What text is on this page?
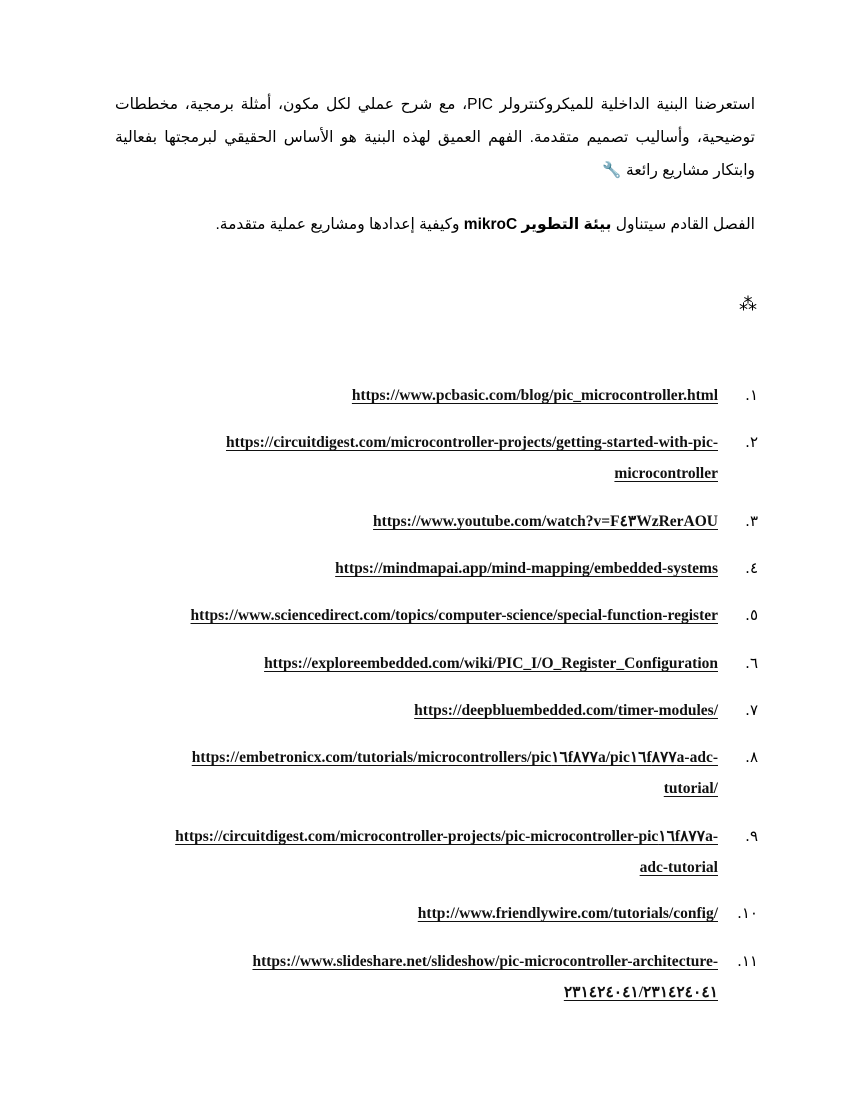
استعرضنا البنية الداخلية للميكروكنترولر PIC، مع شرح عملي لكل مكون، أمثلة برمجية، مخططات توضيحية، وأساليب تصميم متقدمة. الفهم العميق لهذه البنية هو الأساس الحقيقي لبرمجتها بفعالية وابتكار مشاريع رائعة 🔧

الفصل القادم سيتناول بيئة التطوير mikroC وكيفية إعدادها ومشاريع عملية متقدمة.

⁂
١.
https://www.pcbasic.com/blog/pic_microcontroller.html
٢.
https://circuitdigest.com/microcontroller-projects/getting-started-with-pic-
microcontroller
٣.
https://www.youtube.com/watch?v=F٤٣WzRerAOU
٤.
https://mindmapai.app/mind-mapping/embedded-systems
٥.
https://www.sciencedirect.com/topics/computer-science/special-function-register
٦.
https://exploreembedded.com/wiki/PIC_I/O_Register_Configuration
٧.
https://deepbluembedded.com/timer-modules/
٨.
https://embetronicx.com/tutorials/microcontrollers/pic١٦f٨٧٧a/pic١٦f٨٧٧a-adc-
tutorial/
٩.
https://circuitdigest.com/microcontroller-projects/pic-microcontroller-pic١٦f٨٧٧a-
adc-tutorial
١٠.
http://www.friendlywire.com/tutorials/config/
١١.
https://www.slideshare.net/slideshow/pic-microcontroller-architecture-
٢٣١٤٢٤٠٤١/٢٣١٤٢٤٠٤١
